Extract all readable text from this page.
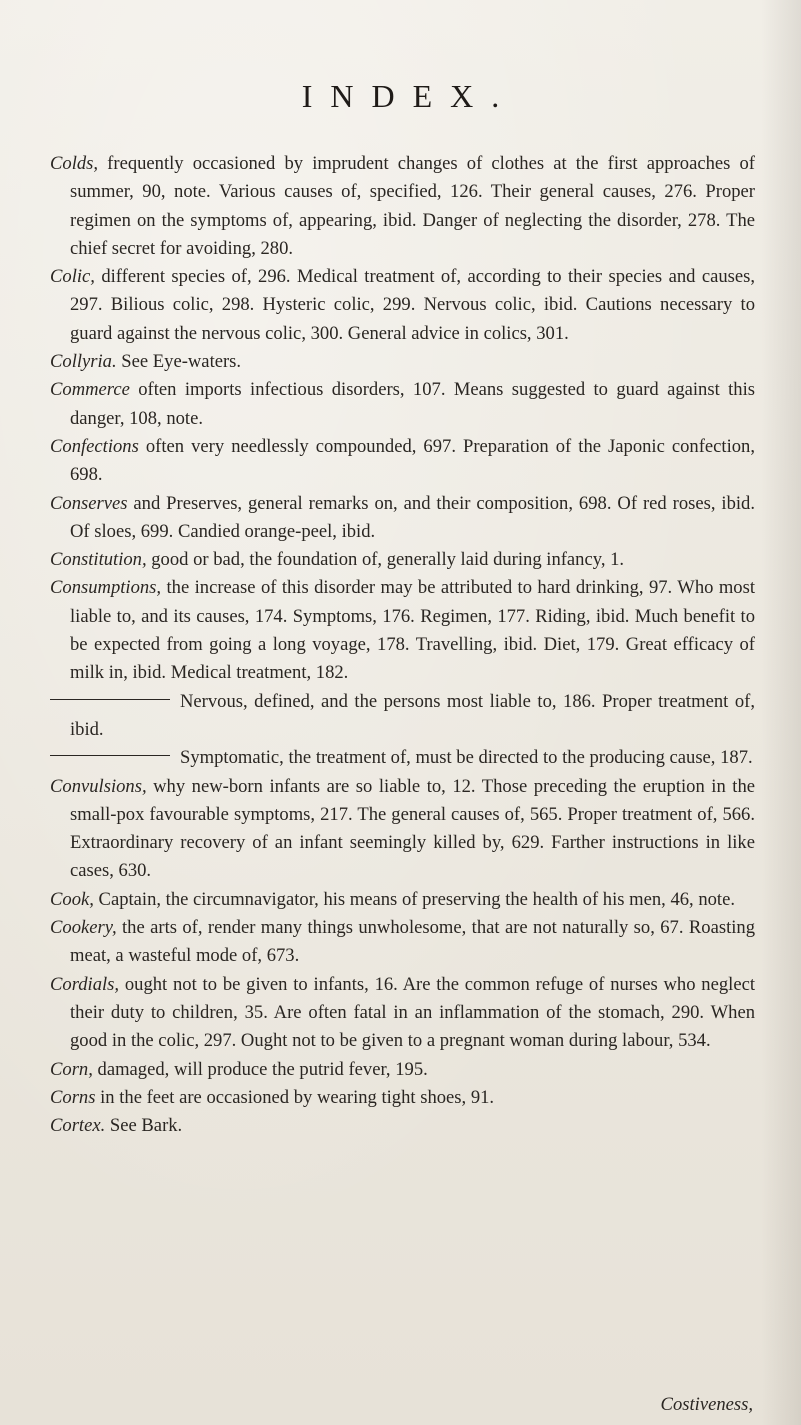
INDEX.

Colds, frequently occasioned by imprudent changes of clothes at the first approaches of summer, 90, note. Various causes of, specified, 126. Their general causes, 276. Proper regimen on the symptoms of, appearing, ibid. Danger of neglecting the disorder, 278. The chief secret for avoiding, 280.

Colic, different species of, 296. Medical treatment of, according to their species and causes, 297. Bilious colic, 298. Hysteric colic, 299. Nervous colic, ibid. Cautions necessary to guard against the nervous colic, 300. General advice in colics, 301.

Collyria. See Eye-waters.

Commerce often imports infectious disorders, 107. Means suggested to guard against this danger, 108, note.

Confections often very needlessly compounded, 697. Preparation of the Japonic confection, 698.

Conserves and Preserves, general remarks on, and their composition, 698. Of red roses, ibid. Of sloes, 699. Candied orange-peel, ibid.

Constitution, good or bad, the foundation of, generally laid during infancy, 1.

Consumptions, the increase of this disorder may be attributed to hard drinking, 97. Who most liable to, and its causes, 174. Symptoms, 176. Regimen, 177. Riding, ibid. Much benefit to be expected from going a long voyage, 178. Travelling, ibid. Diet, 179. Great efficacy of milk in, ibid. Medical treatment, 182.

Nervous, defined, and the persons most liable to, 186. Proper treatment of, ibid.

Symptomatic, the treatment of, must be directed to the producing cause, 187.

Convulsions, why new-born infants are so liable to, 12. Those preceding the eruption in the small-pox favourable symptoms, 217. The general causes of, 565. Proper treatment of, 566. Extraordinary recovery of an infant seemingly killed by, 629. Farther instructions in like cases, 630.

Cook, Captain, the circumnavigator, his means of preserving the health of his men, 46, note.

Cookery, the arts of, render many things unwholesome, that are not naturally so, 67. Roasting meat, a wasteful mode of, 673.

Cordials, ought not to be given to infants, 16. Are the common refuge of nurses who neglect their duty to children, 35. Are often fatal in an inflammation of the stomach, 290. When good in the colic, 297. Ought not to be given to a pregnant woman during labour, 534.

Corn, damaged, will produce the putrid fever, 195.

Corns in the feet are occasioned by wearing tight shoes, 91.

Cortex. See Bark.

Costiveness,
